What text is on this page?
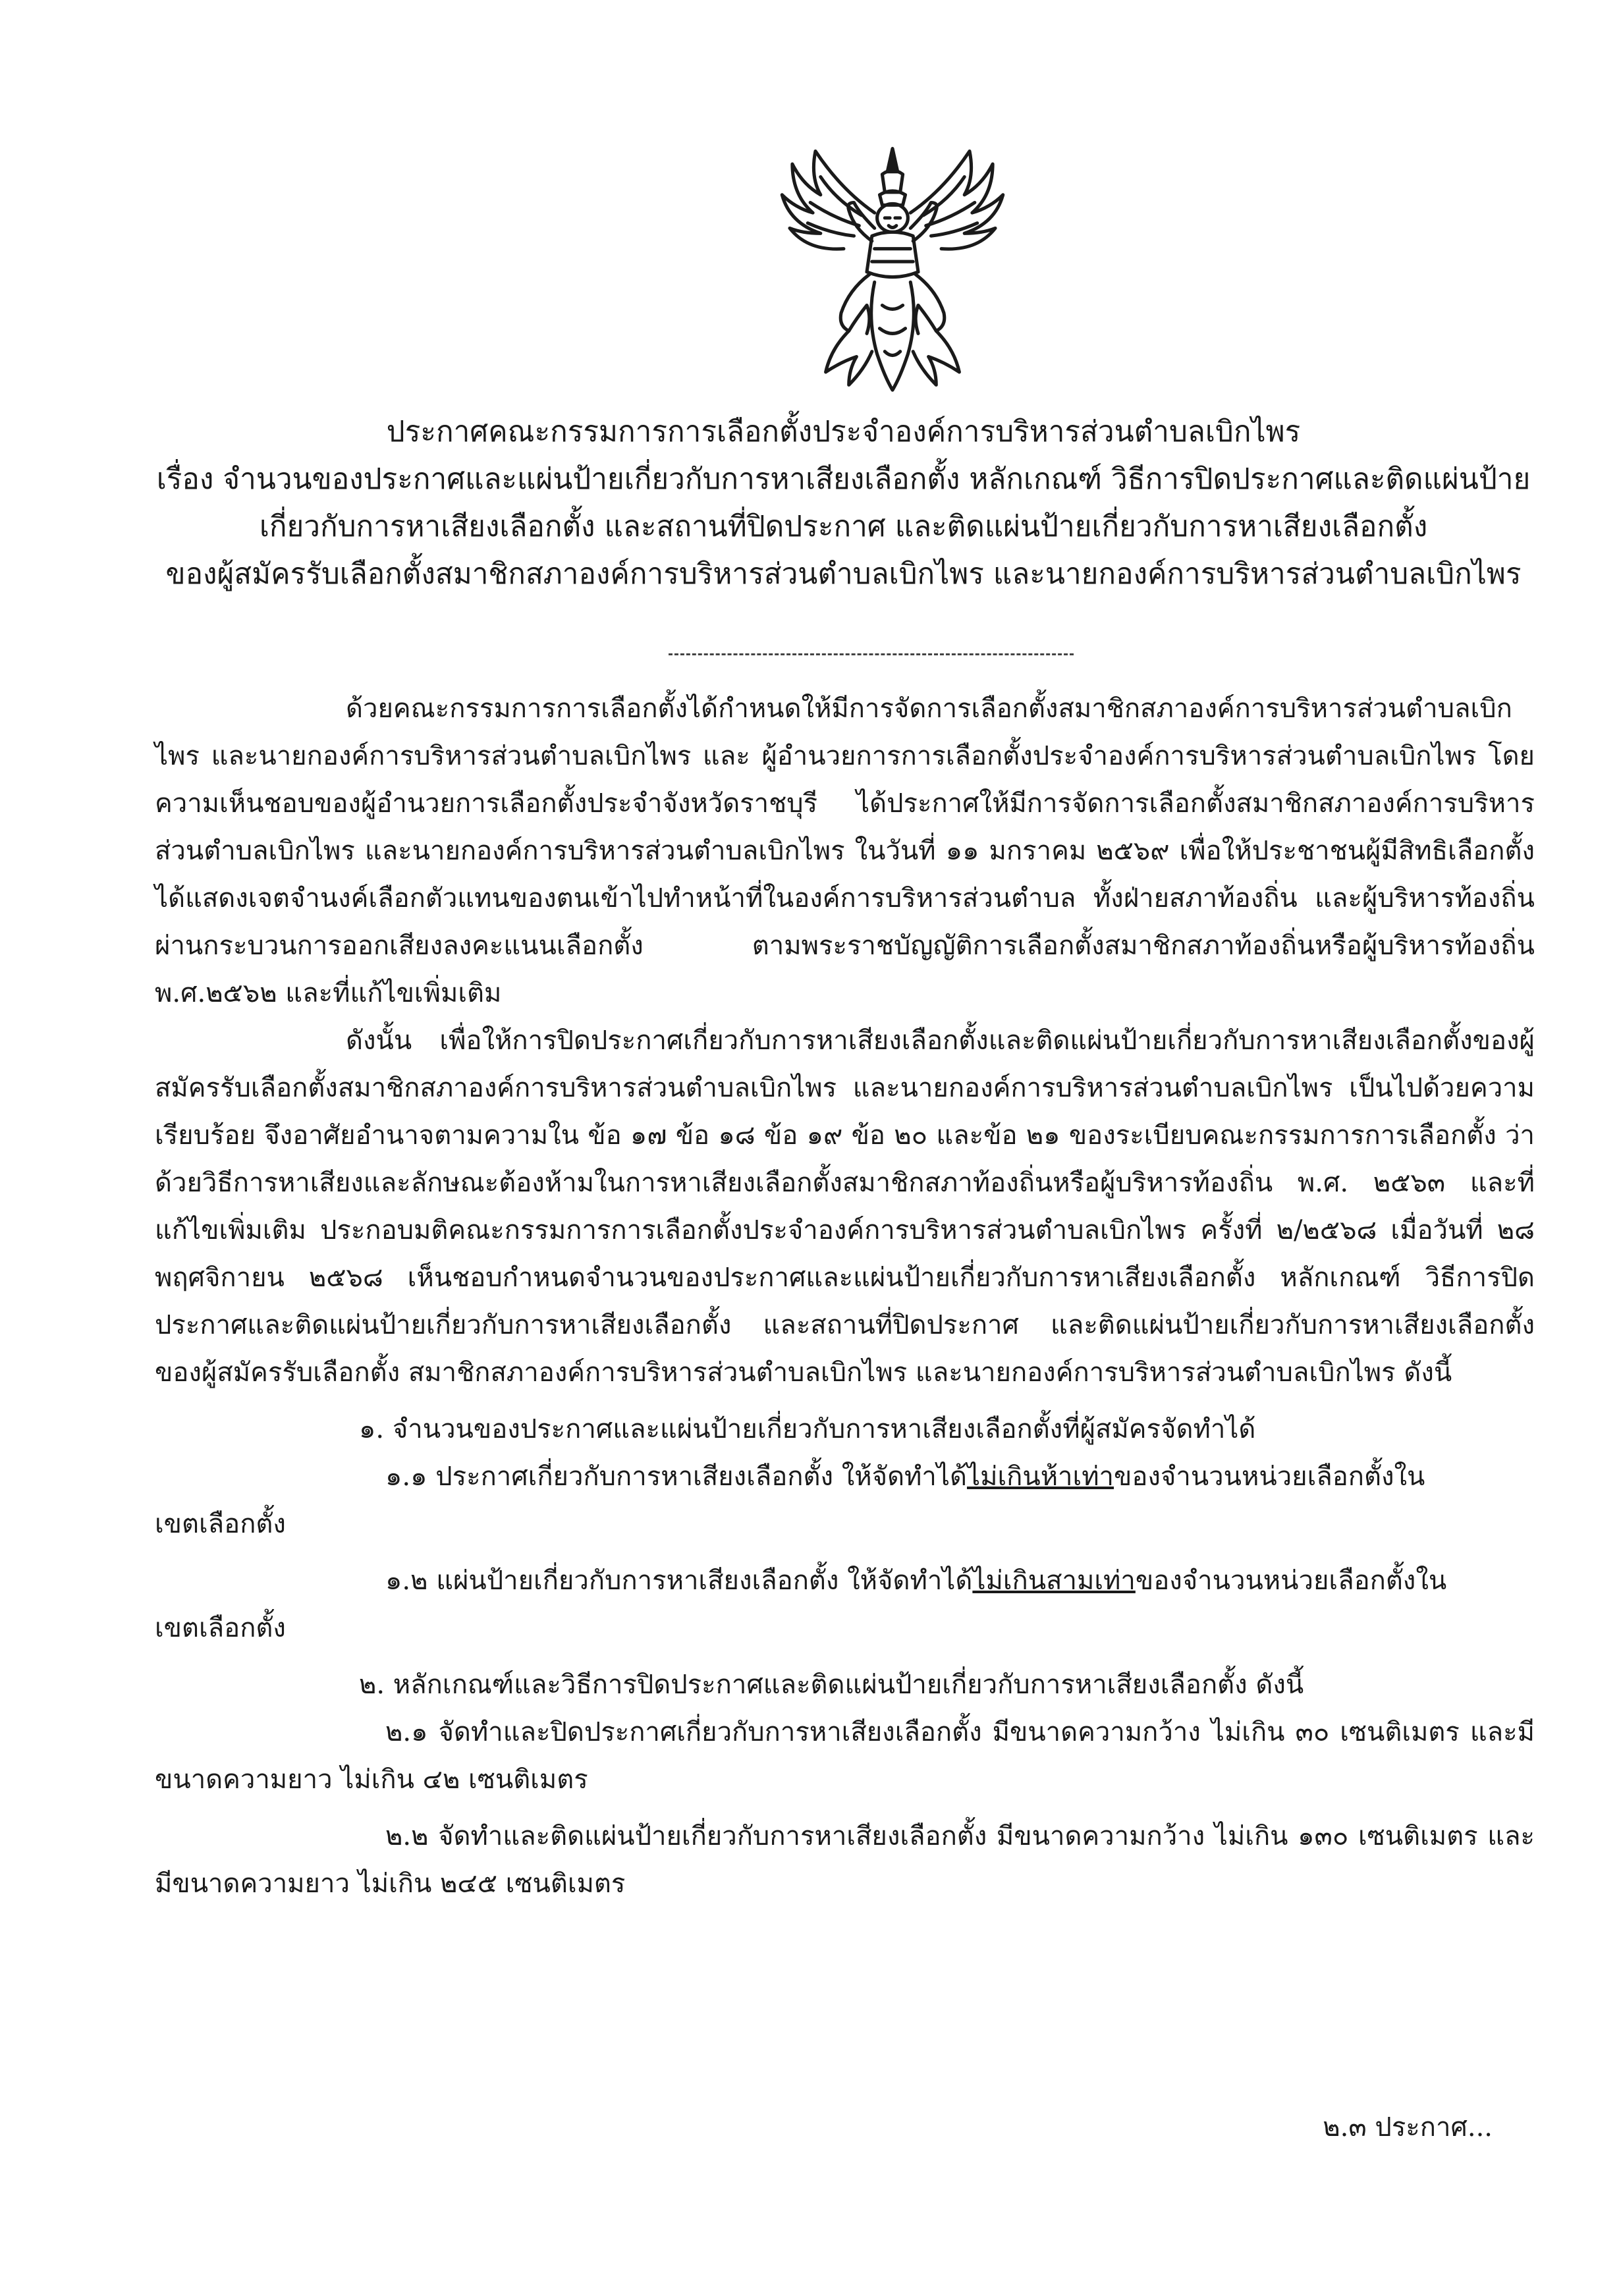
ประกาศคณะกรรมการการเลือกตั้งประจำองค์การบริหารส่วนตำบลเบิกไพร
เรื่อง จำนวนของประกาศและแผ่นป้ายเกี่ยวกับการหาเสียงเลือกตั้ง หลักเกณฑ์ วิธีการปิดประกาศและติดแผ่นป้าย
เกี่ยวกับการหาเสียงเลือกตั้ง และสถานที่ปิดประกาศ และติดแผ่นป้ายเกี่ยวกับการหาเสียงเลือกตั้ง
ของผู้สมัครรับเลือกตั้งสมาชิกสภาองค์การบริหารส่วนตำบลเบิกไพร และนายกองค์การบริหารส่วนตำบลเบิกไพร

ด้วยคณะกรรมการการเลือกตั้งได้กำหนดให้มีการจัดการเลือกตั้งสมาชิกสภาองค์การบริหารส่วนตำบลเบิกไพร และนายกองค์การบริหารส่วนตำบลเบิกไพร และ ผู้อำนวยการการเลือกตั้งประจำองค์การบริหารส่วนตำบลเบิกไพร โดยความเห็นชอบของผู้อำนวยการเลือกตั้งประจำจังหวัดราชบุรี ได้ประกาศให้มีการจัดการเลือกตั้งสมาชิกสภาองค์การบริหารส่วนตำบลเบิกไพร และนายกองค์การบริหารส่วนตำบลเบิกไพร ในวันที่ ๑๑ มกราคม ๒๕๖๙ เพื่อให้ประชาชนผู้มีสิทธิเลือกตั้งได้แสดงเจตจำนงค์เลือกตัวแทนของตนเข้าไปทำหน้าที่ในองค์การบริหารส่วนตำบล ทั้งฝ่ายสภาท้องถิ่น และผู้บริหารท้องถิ่น ผ่านกระบวนการออกเสียงลงคะแนนเลือกตั้ง ตามพระราชบัญญัติการเลือกตั้งสมาชิกสภาท้องถิ่นหรือผู้บริหารท้องถิ่น พ.ศ.๒๕๖๒ และที่แก้ไขเพิ่มเติม

ดังนั้น เพื่อให้การปิดประกาศเกี่ยวกับการหาเสียงเลือกตั้งและติดแผ่นป้ายเกี่ยวกับการหาเสียงเลือกตั้งของผู้สมัครรับเลือกตั้งสมาชิกสภาองค์การบริหารส่วนตำบลเบิกไพร และนายกองค์การบริหารส่วนตำบลเบิกไพร เป็นไปด้วยความเรียบร้อย จึงอาศัยอำนาจตามความใน ข้อ ๑๗ ข้อ ๑๘ ข้อ ๑๙ ข้อ ๒๐ และข้อ ๒๑ ของระเบียบคณะกรรมการการเลือกตั้ง ว่าด้วยวิธีการหาเสียงและลักษณะต้องห้ามในการหาเสียงเลือกตั้งสมาชิกสภาท้องถิ่นหรือผู้บริหารท้องถิ่น พ.ศ. ๒๕๖๓ และที่แก้ไขเพิ่มเติม ประกอบมติคณะกรรมการการเลือกตั้งประจำองค์การบริหารส่วนตำบลเบิกไพร ครั้งที่ ๒/๒๕๖๘ เมื่อวันที่ ๒๘ พฤศจิกายน ๒๕๖๘ เห็นชอบกำหนดจำนวนของประกาศและแผ่นป้ายเกี่ยวกับการหาเสียงเลือกตั้ง หลักเกณฑ์ วิธีการปิดประกาศและติดแผ่นป้ายเกี่ยวกับการหาเสียงเลือกตั้ง และสถานที่ปิดประกาศ และติดแผ่นป้ายเกี่ยวกับการหาเสียงเลือกตั้งของผู้สมัครรับเลือกตั้ง สมาชิกสภาองค์การบริหารส่วนตำบลเบิกไพร และนายกองค์การบริหารส่วนตำบลเบิกไพร ดังนี้

๑. จำนวนของประกาศและแผ่นป้ายเกี่ยวกับการหาเสียงเลือกตั้งที่ผู้สมัครจัดทำได้

๑.๑ ประกาศเกี่ยวกับการหาเสียงเลือกตั้ง ให้จัดทำได้ไม่เกินห้าเท่าของจำนวนหน่วยเลือกตั้งใน

เขตเลือกตั้ง

๑.๒ แผ่นป้ายเกี่ยวกับการหาเสียงเลือกตั้ง ให้จัดทำได้ไม่เกินสามเท่าของจำนวนหน่วยเลือกตั้งใน

เขตเลือกตั้ง

๒. หลักเกณฑ์และวิธีการปิดประกาศและติดแผ่นป้ายเกี่ยวกับการหาเสียงเลือกตั้ง ดังนี้

๒.๑ จัดทำและปิดประกาศเกี่ยวกับการหาเสียงเลือกตั้ง มีขนาดความกว้าง ไม่เกิน ๓๐ เซนติเมตร และมีขนาดความยาว ไม่เกิน ๔๒ เซนติเมตร

๒.๒ จัดทำและติดแผ่นป้ายเกี่ยวกับการหาเสียงเลือกตั้ง มีขนาดความกว้าง ไม่เกิน ๑๓๐ เซนติเมตร และมีขนาดความยาว ไม่เกิน ๒๔๕ เซนติเมตร

๒.๓ ประกาศ...
